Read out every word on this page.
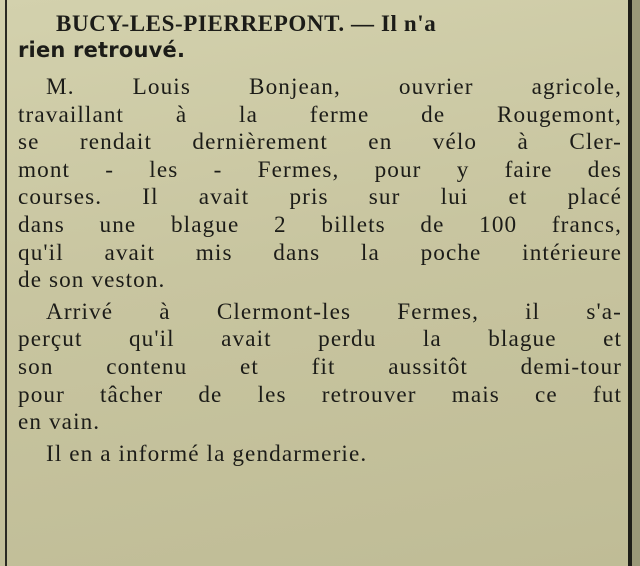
BUCY-LES-PIERREPONT. — Il n'a
rien retrouvé.
M. Louis Bonjean, ouvrier agricole,
travaillant à la ferme de Rougemont,
se rendait dernièrement en vélo à Cler-
mont - les - Fermes, pour y faire des
courses. Il avait pris sur lui et placé
dans une blague 2 billets de 100 francs,
qu'il avait mis dans la poche intérieure
de son veston.
Arrivé à Clermont-les Fermes, il s'a-
perçut qu'il avait perdu la blague et
son contenu et fit aussitôt demi-tour
pour tâcher de les retrouver mais ce fut
en vain.
Il en a informé la gendarmerie.
